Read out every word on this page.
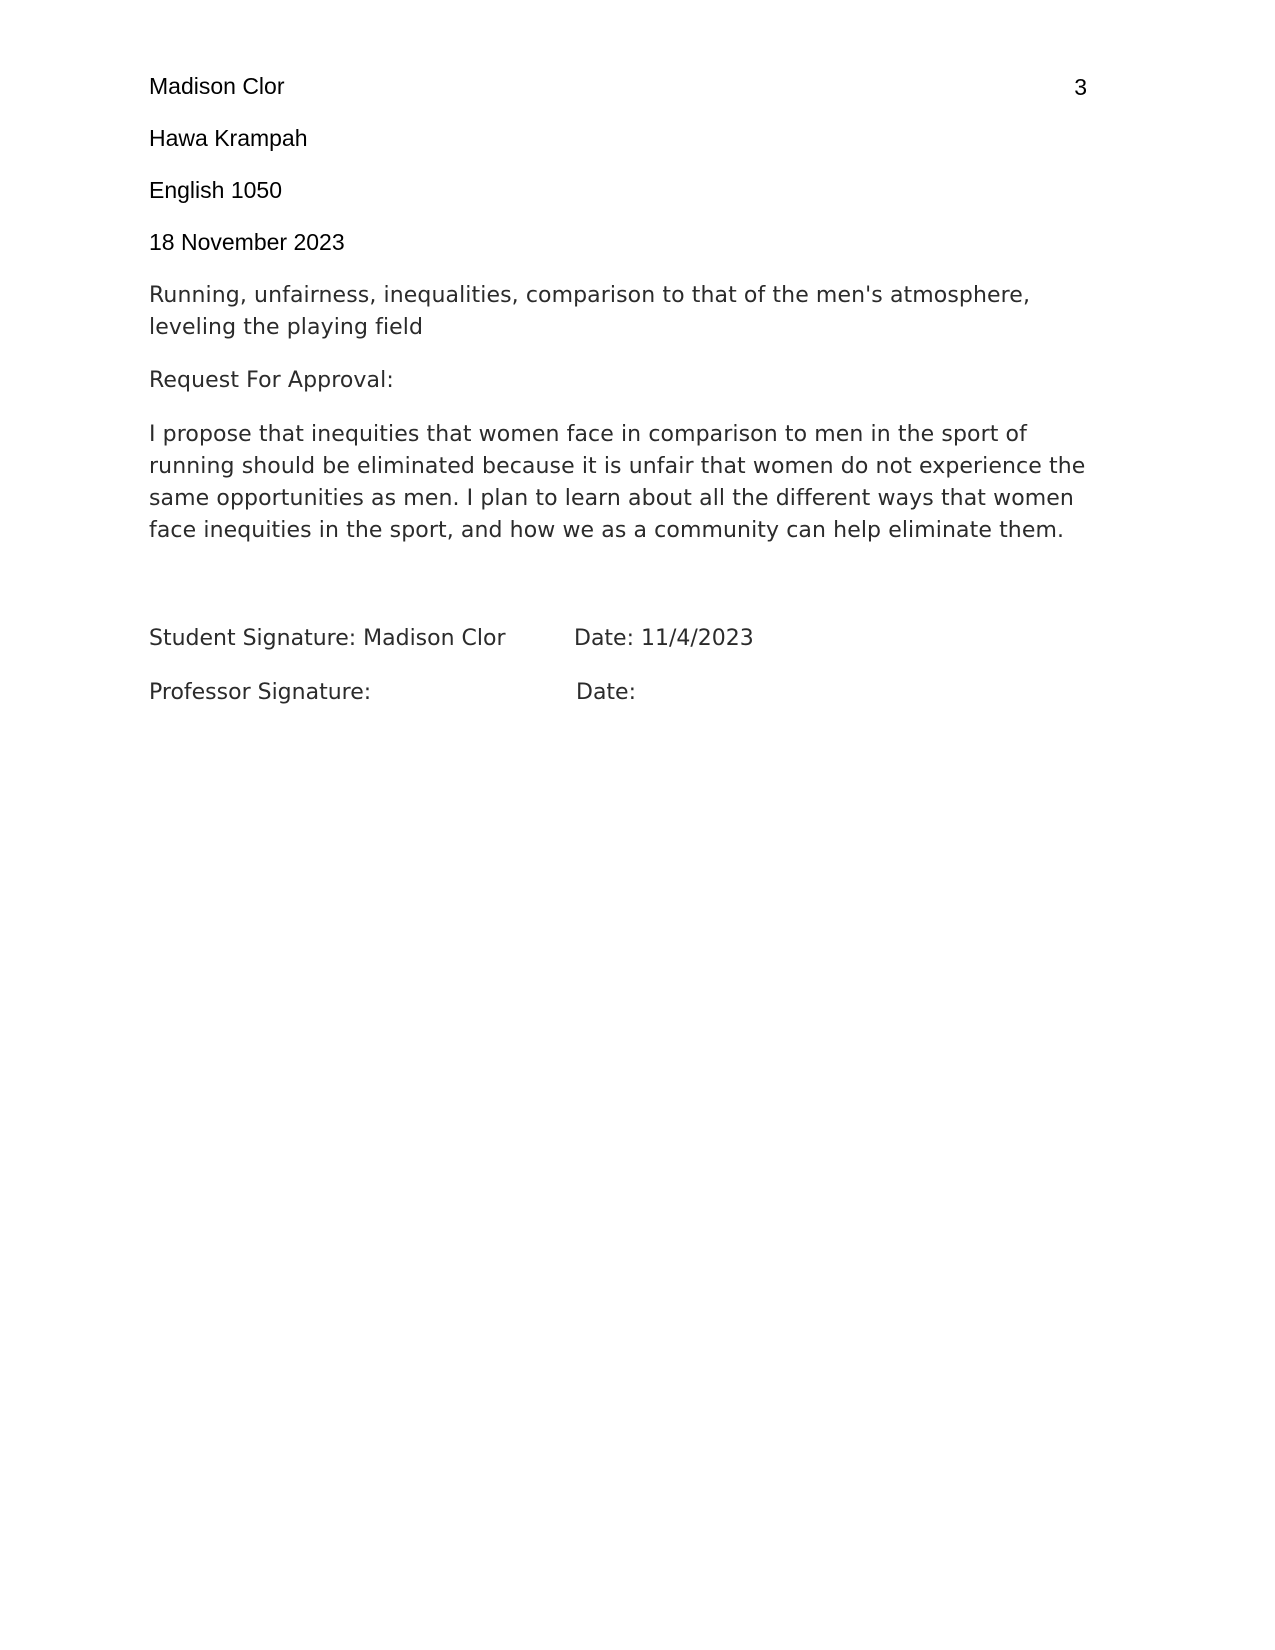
Madison Clor	3
Hawa Krampah
English 1050
18 November 2023
Running, unfairness, inequalities, comparison to that of the men's atmosphere, leveling the playing field
Request For Approval:
I propose that inequities that women face in comparison to men in the sport of running should be eliminated because it is unfair that women do not experience the same opportunities as men. I plan to learn about all the different ways that women face inequities in the sport, and how we as a community can help eliminate them.
Student Signature: Madison Clor	Date: 11/4/2023
Professor Signature:	Date:
